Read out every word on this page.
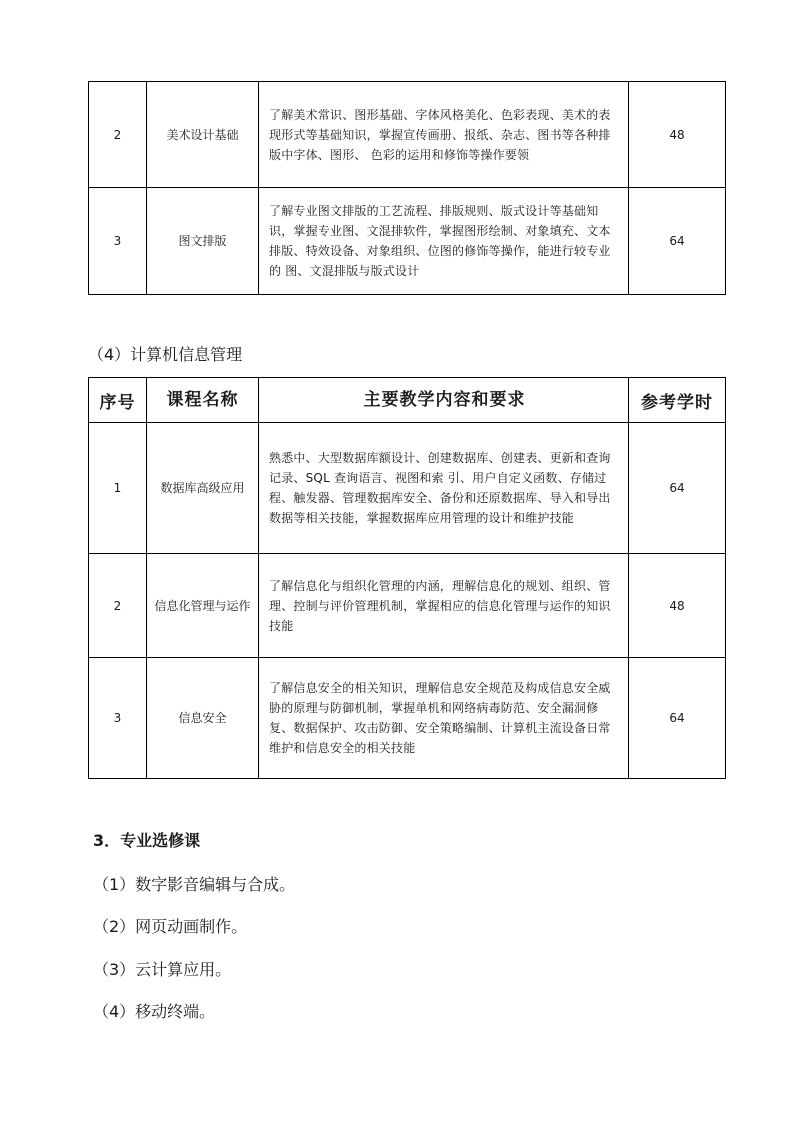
2	美术设计基础	了解美术常识、图形基础、字体风格美化、色彩表现、美术的表现形式等基础知识，掌握宣传画册、报纸、杂志、图书等各种排版中字体、图形、 色彩的运用和修饰等操作要领	48
3	图文排版	了解专业图文排版的工艺流程、排版规则、版式设计等基础知识，掌握专业图、文混排软件，掌握图形绘制、对象填充、文本排版、特效设备、对象组织、位图的修饰等操作，能进行较专业的 图、文混排版与版式设计	64
（4）计算机信息管理
序号	课程名称	主要教学内容和要求	参考学时
1	数据库高级应用	熟悉中、大型数据库额设计、创建数据库、创建表、更新和查询记录、SQL 查询语言、视图和索 引、用户自定义函数、存储过程、触发器、管理数据库安全、备份和还原数据库、导入和导出数据等相关技能，掌握数据库应用管理的设计和维护技能	64
2	信息化管理与运作	了解信息化与组织化管理的内涵，理解信息化的规划、组织、管理、控制与评价管理机制，掌握相应的信息化管理与运作的知识技能	48
3	信息安全	了解信息安全的相关知识，理解信息安全规范及构成信息安全威胁的原理与防御机制，掌握单机和网络病毒防范、安全漏洞修复、数据保护、攻击防御、安全策略编制、计算机主流设备日常维护和信息安全的相关技能	64
3．专业选修课
（1）数字影音编辑与合成。
（2）网页动画制作。
（3）云计算应用。
（4）移动终端。
